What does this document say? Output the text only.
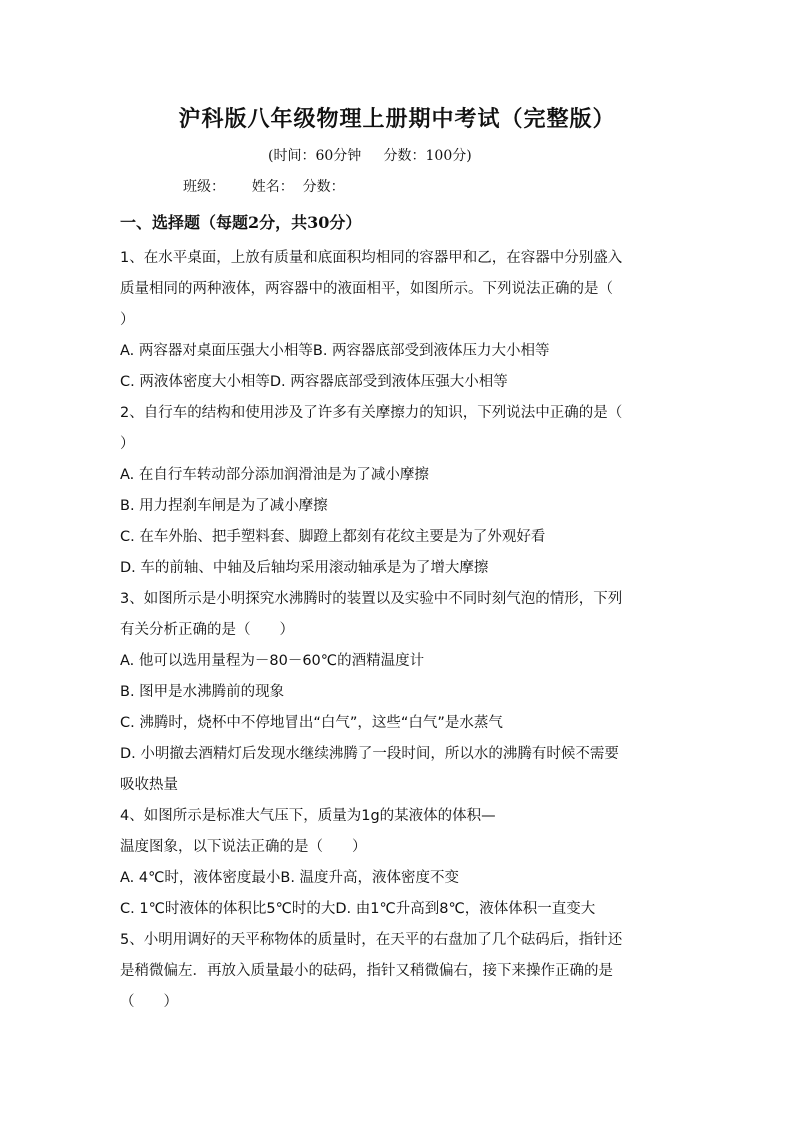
沪科版八年级物理上册期中考试（完整版）
(时间：60分钟     分数：100分)
班级：      姓名：  分数：
一、选择题（每题2分，共30分）
1、在水平桌面，上放有质量和底面积均相同的容器甲和乙，在容器中分别盛入
质量相同的两种液体，两容器中的液面相平，如图所示。下列说法正确的是（
）
A. 两容器对桌面压强大小相等B. 两容器底部受到液体压力大小相等
C. 两液体密度大小相等D. 两容器底部受到液体压强大小相等
2、自行车的结构和使用涉及了许多有关摩擦力的知识，下列说法中正确的是（
）
A. 在自行车转动部分添加润滑油是为了减小摩擦
B. 用力捏刹车闸是为了减小摩擦
C. 在车外胎、把手塑料套、脚蹬上都刻有花纹主要是为了外观好看
D. 车的前轴、中轴及后轴均采用滚动轴承是为了增大摩擦
3、如图所示是小明探究水沸腾时的装置以及实验中不同时刻气泡的情形，下列
有关分析正确的是（　　）
A. 他可以选用量程为－80－60℃的酒精温度计
B. 图甲是水沸腾前的现象
C. 沸腾时，烧杯中不停地冒出“白气”，这些“白气”是水蒸气
D. 小明撤去酒精灯后发现水继续沸腾了一段时间，所以水的沸腾有时候不需要
吸收热量
4、如图所示是标准大气压下，质量为1g的某液体的体积—
温度图象，以下说法正确的是（　　）
A. 4℃时，液体密度最小B. 温度升高，液体密度不变
C. 1℃时液体的体积比5℃时的大D. 由1℃升高到8℃，液体体积一直变大
5、小明用调好的天平称物体的质量时，在天平的右盘加了几个砝码后，指针还
是稍微偏左．再放入质量最小的砝码，指针又稍微偏右，接下来操作正确的是
（　　）
